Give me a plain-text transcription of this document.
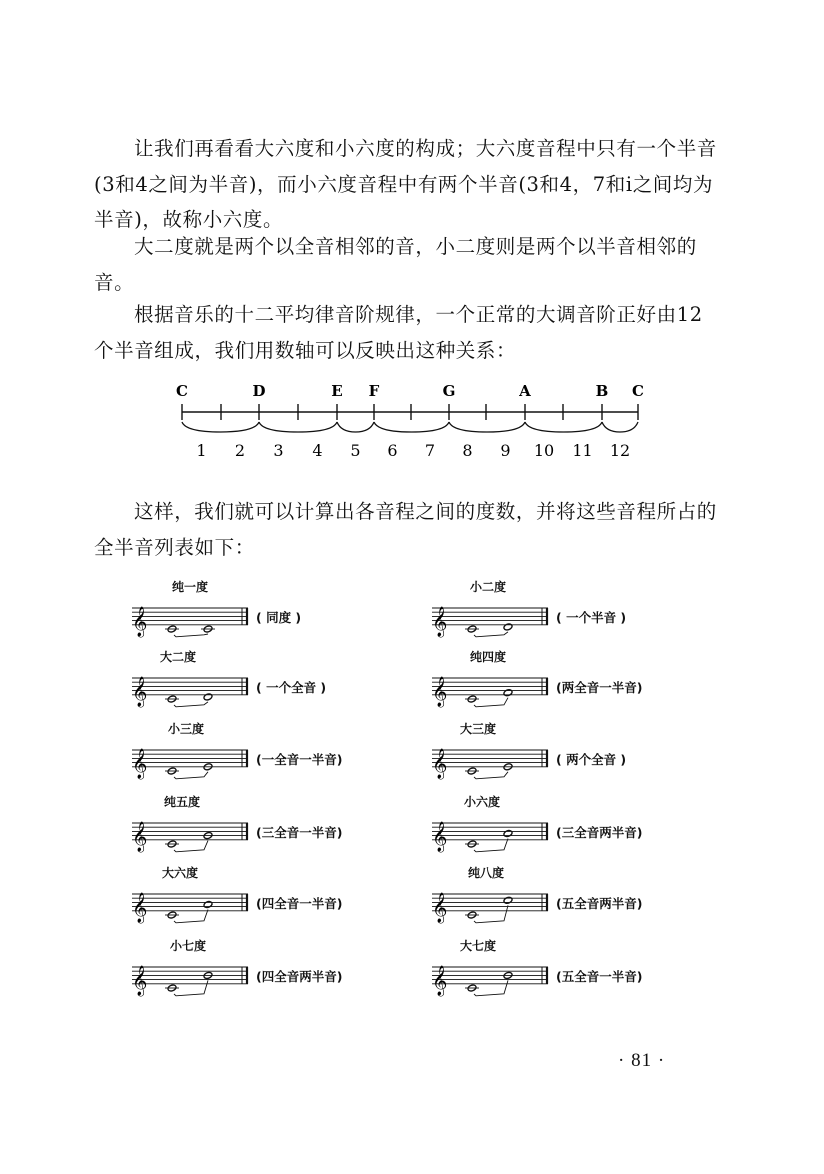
让我们再看看大六度和小六度的构成；大六度音程中只有一个半音(3和4之间为半音)，而小六度音程中有两个半音(3和4，7和i之间均为半音)，故称小六度。

大二度就是两个以全音相邻的音，小二度则是两个以半音相邻的音。

根据音乐的十二平均律音阶规律，一个正常的大调音阶正好由12个半音组成，我们用数轴可以反映出这种关系：

C	D	E F	G	A	B C
1 2 3 4 5 6 7 8 9 10 11 12

这样，我们就可以计算出各音程之间的度数，并将这些音程所占的全半音列表如下：

𝄞
纯一度
( 同度 )	𝄞
小二度
( 一个半音 )
𝄞
大二度
( 一个全音 )	𝄞
纯四度
(两全音一半音)
𝄞
小三度
(一全音一半音)	𝄞
大三度
( 两个全音 )
𝄞
纯五度
(三全音一半音)	𝄞
小六度
(三全音两半音)
𝄞
大六度
(四全音一半音)	𝄞
纯八度
(五全音两半音)
𝄞
小七度
(四全音两半音)	𝄞
大七度
(五全音一半音)
· 81 ·
